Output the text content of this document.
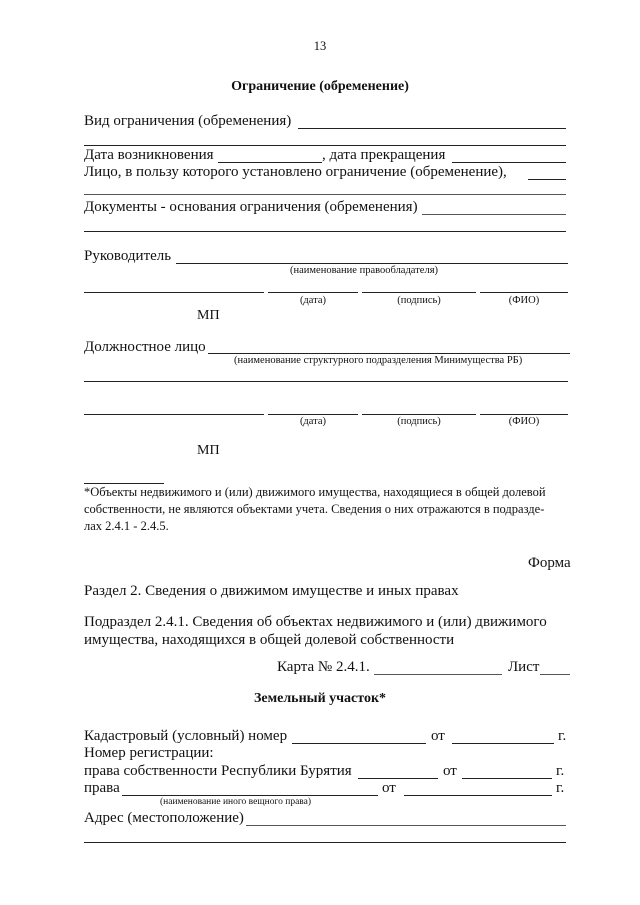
13
Ограничение (обременение)
Вид ограничения (обременения)
Дата возникновения	, дата прекращения
Лицо, в пользу которого установлено ограничение (обременение),
Документы - основания ограничения (обременения)
Руководитель
(наименование правообладателя)
(дата)	(подпись)	(ФИО)
МП
Должностное лицо
(наименование структурного подразделения Минимущества РБ)
(дата)	(подпись)	(ФИО)
МП
*Объекты недвижимого и (или) движимого имущества, находящиеся в общей долевой
собственности, не являются объектами учета. Сведения о них отражаются в подразде-
лах 2.4.1 - 2.4.5.
Форма
Раздел 2. Сведения о движимом имуществе и иных правах
Подраздел 2.4.1. Сведения об объектах недвижимого и (или) движимого
имущества, находящихся в общей долевой собственности
Карта № 2.4.1.	Лист
Земельный участок*
Кадастровый (условный) номер	от	г.
Номер регистрации:
права собственности Республики Бурятия	от	г.
права	от	г.
(наименование иного вещного права)
Адрес (местоположение)
